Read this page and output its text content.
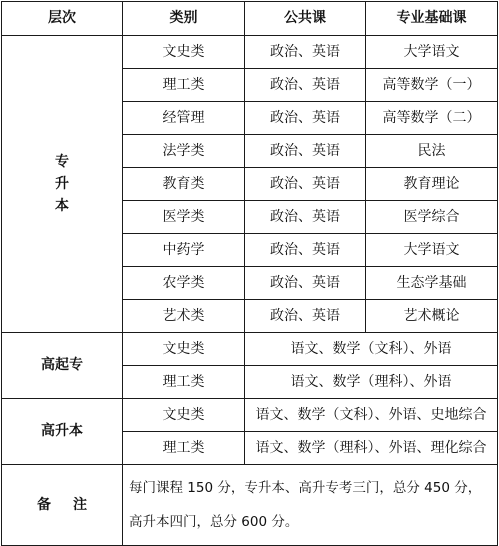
层次	类别	公共课	专业基础课
专升本	文史类	政治、英语	大学语文
	理工类	政治、英语	高等数学（一）
	经管理	政治、英语	高等数学（二）
	法学类	政治、英语	民法
	教育类	政治、英语	教育理论
	医学类	政治、英语	医学综合
	中药学	政治、英语	大学语文
	农学类	政治、英语	生态学基础
	艺术类	政治、英语	艺术概论
高起专	文史类	语文、数学（文科）、外语	
	理工类	语文、数学（理科）、外语	
高升本	文史类	语文、数学（文科）、外语、史地综合	
	理工类	语文、数学（理科）、外语、理化综合	
备注	每门课程 150 分，专升本、高升专考三门，总分 450 分，高升本四门，总分 600 分。		
